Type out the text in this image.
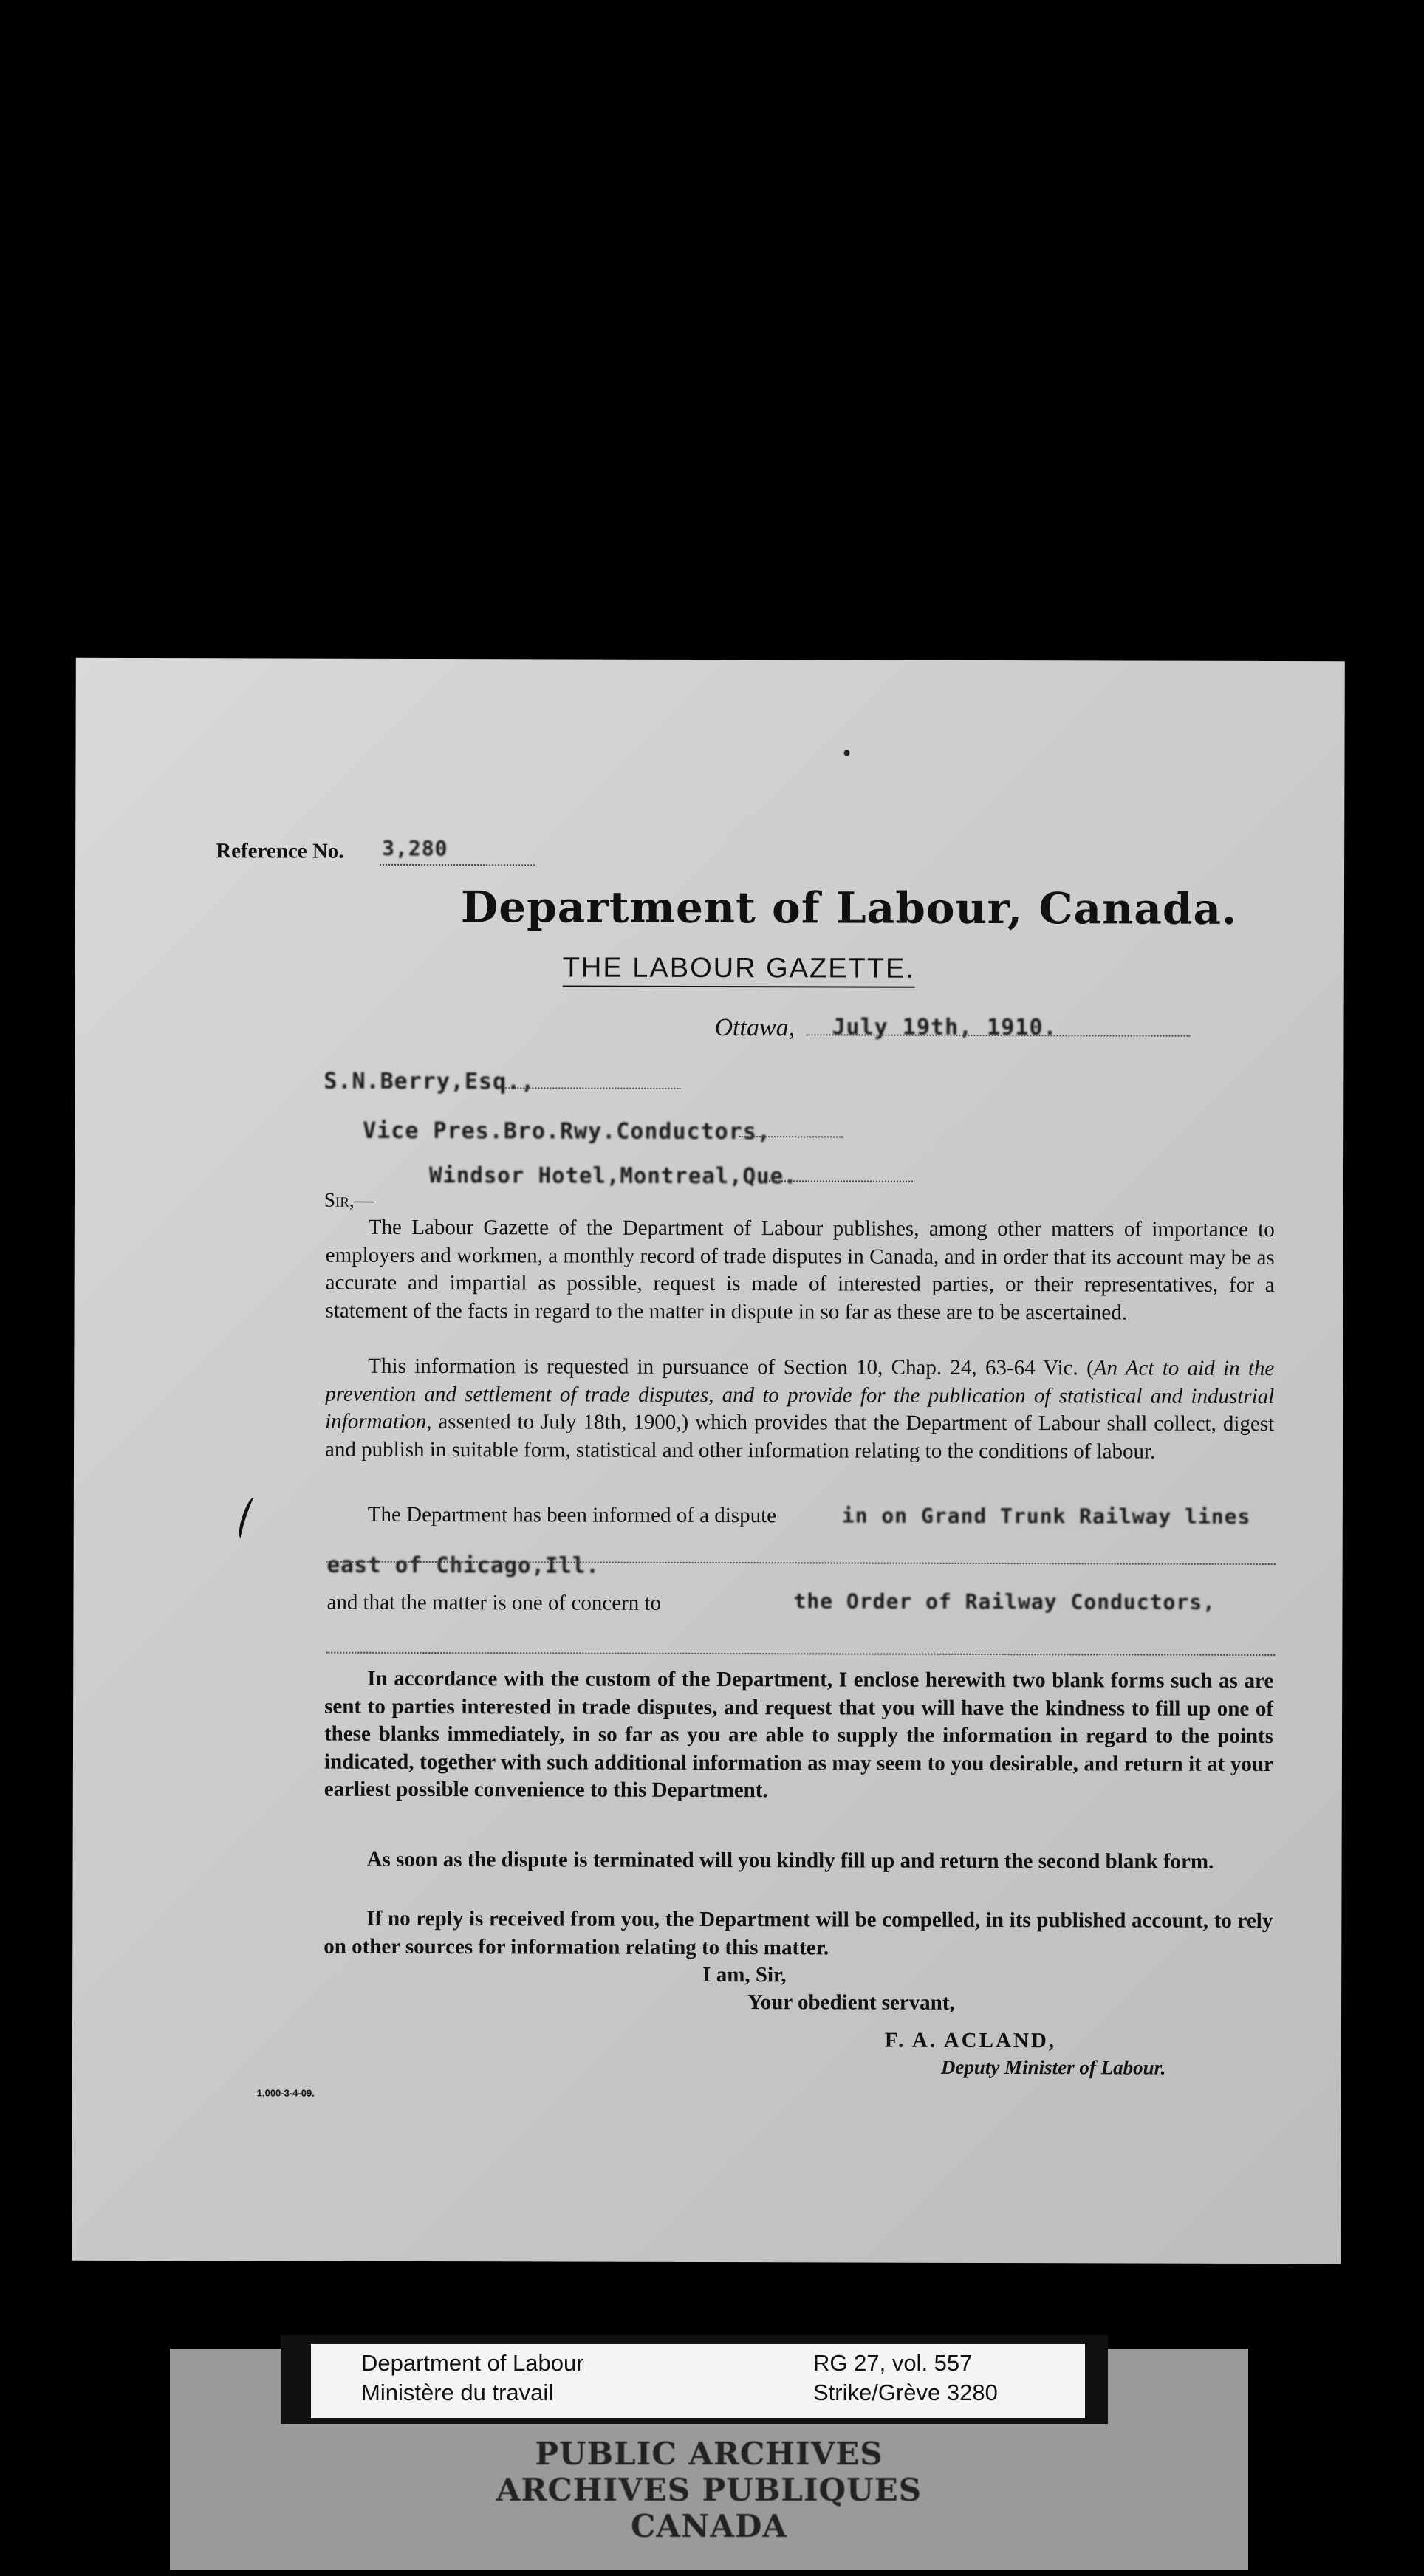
Reference No. 3,280
Department of Labour, Canada.
THE LABOUR GAZETTE.
Ottawa, July 19th, 1910.
S.N.Berry,Esq.,
Vice Pres.Bro.Rwy.Conductors,
Windsor Hotel,Montreal,Que.
Sir,—
The Labour Gazette of the Department of Labour publishes, among other matters of importance to employers and workmen, a monthly record of trade disputes in Canada, and in order that its account may be as accurate and impartial as possible, request is made of interested parties, or their representatives, for a statement of the facts in regard to the matter in dispute in so far as these are to be ascertained.
This information is requested in pursuance of Section 10, Chap. 24, 63-64 Vic. (An Act to aid in the prevention and settlement of trade disputes, and to provide for the publication of statistical and industrial information, assented to July 18th, 1900,) which provides that the Department of Labour shall collect, digest and publish in suitable form, statistical and other information relating to the conditions of labour.
The Department has been informed of a dispute	in on Grand Trunk Railway lines
east of Chicago,Ill.
and that the matter is one of concern to	the Order of Railway Conductors,
In accordance with the custom of the Department, I enclose herewith two blank forms such as are sent to parties interested in trade disputes, and request that you will have the kindness to fill up one of these blanks immediately, in so far as you are able to supply the information in regard to the points indicated, together with such additional information as may seem to you desirable, and return it at your earliest possible convenience to this Department.
As soon as the dispute is terminated will you kindly fill up and return the second blank form.
If no reply is received from you, the Department will be compelled, in its published account, to rely on other sources for information relating to this matter.
I am, Sir,
Your obedient servant,
F. A. ACLAND,
Deputy Minister of Labour.
1,000-3-4-09.
Department of Labour
Ministère du travail
RG 27, vol. 557
Strike/Grève 3280
PUBLIC ARCHIVES
ARCHIVES PUBLIQUES
CANADA
